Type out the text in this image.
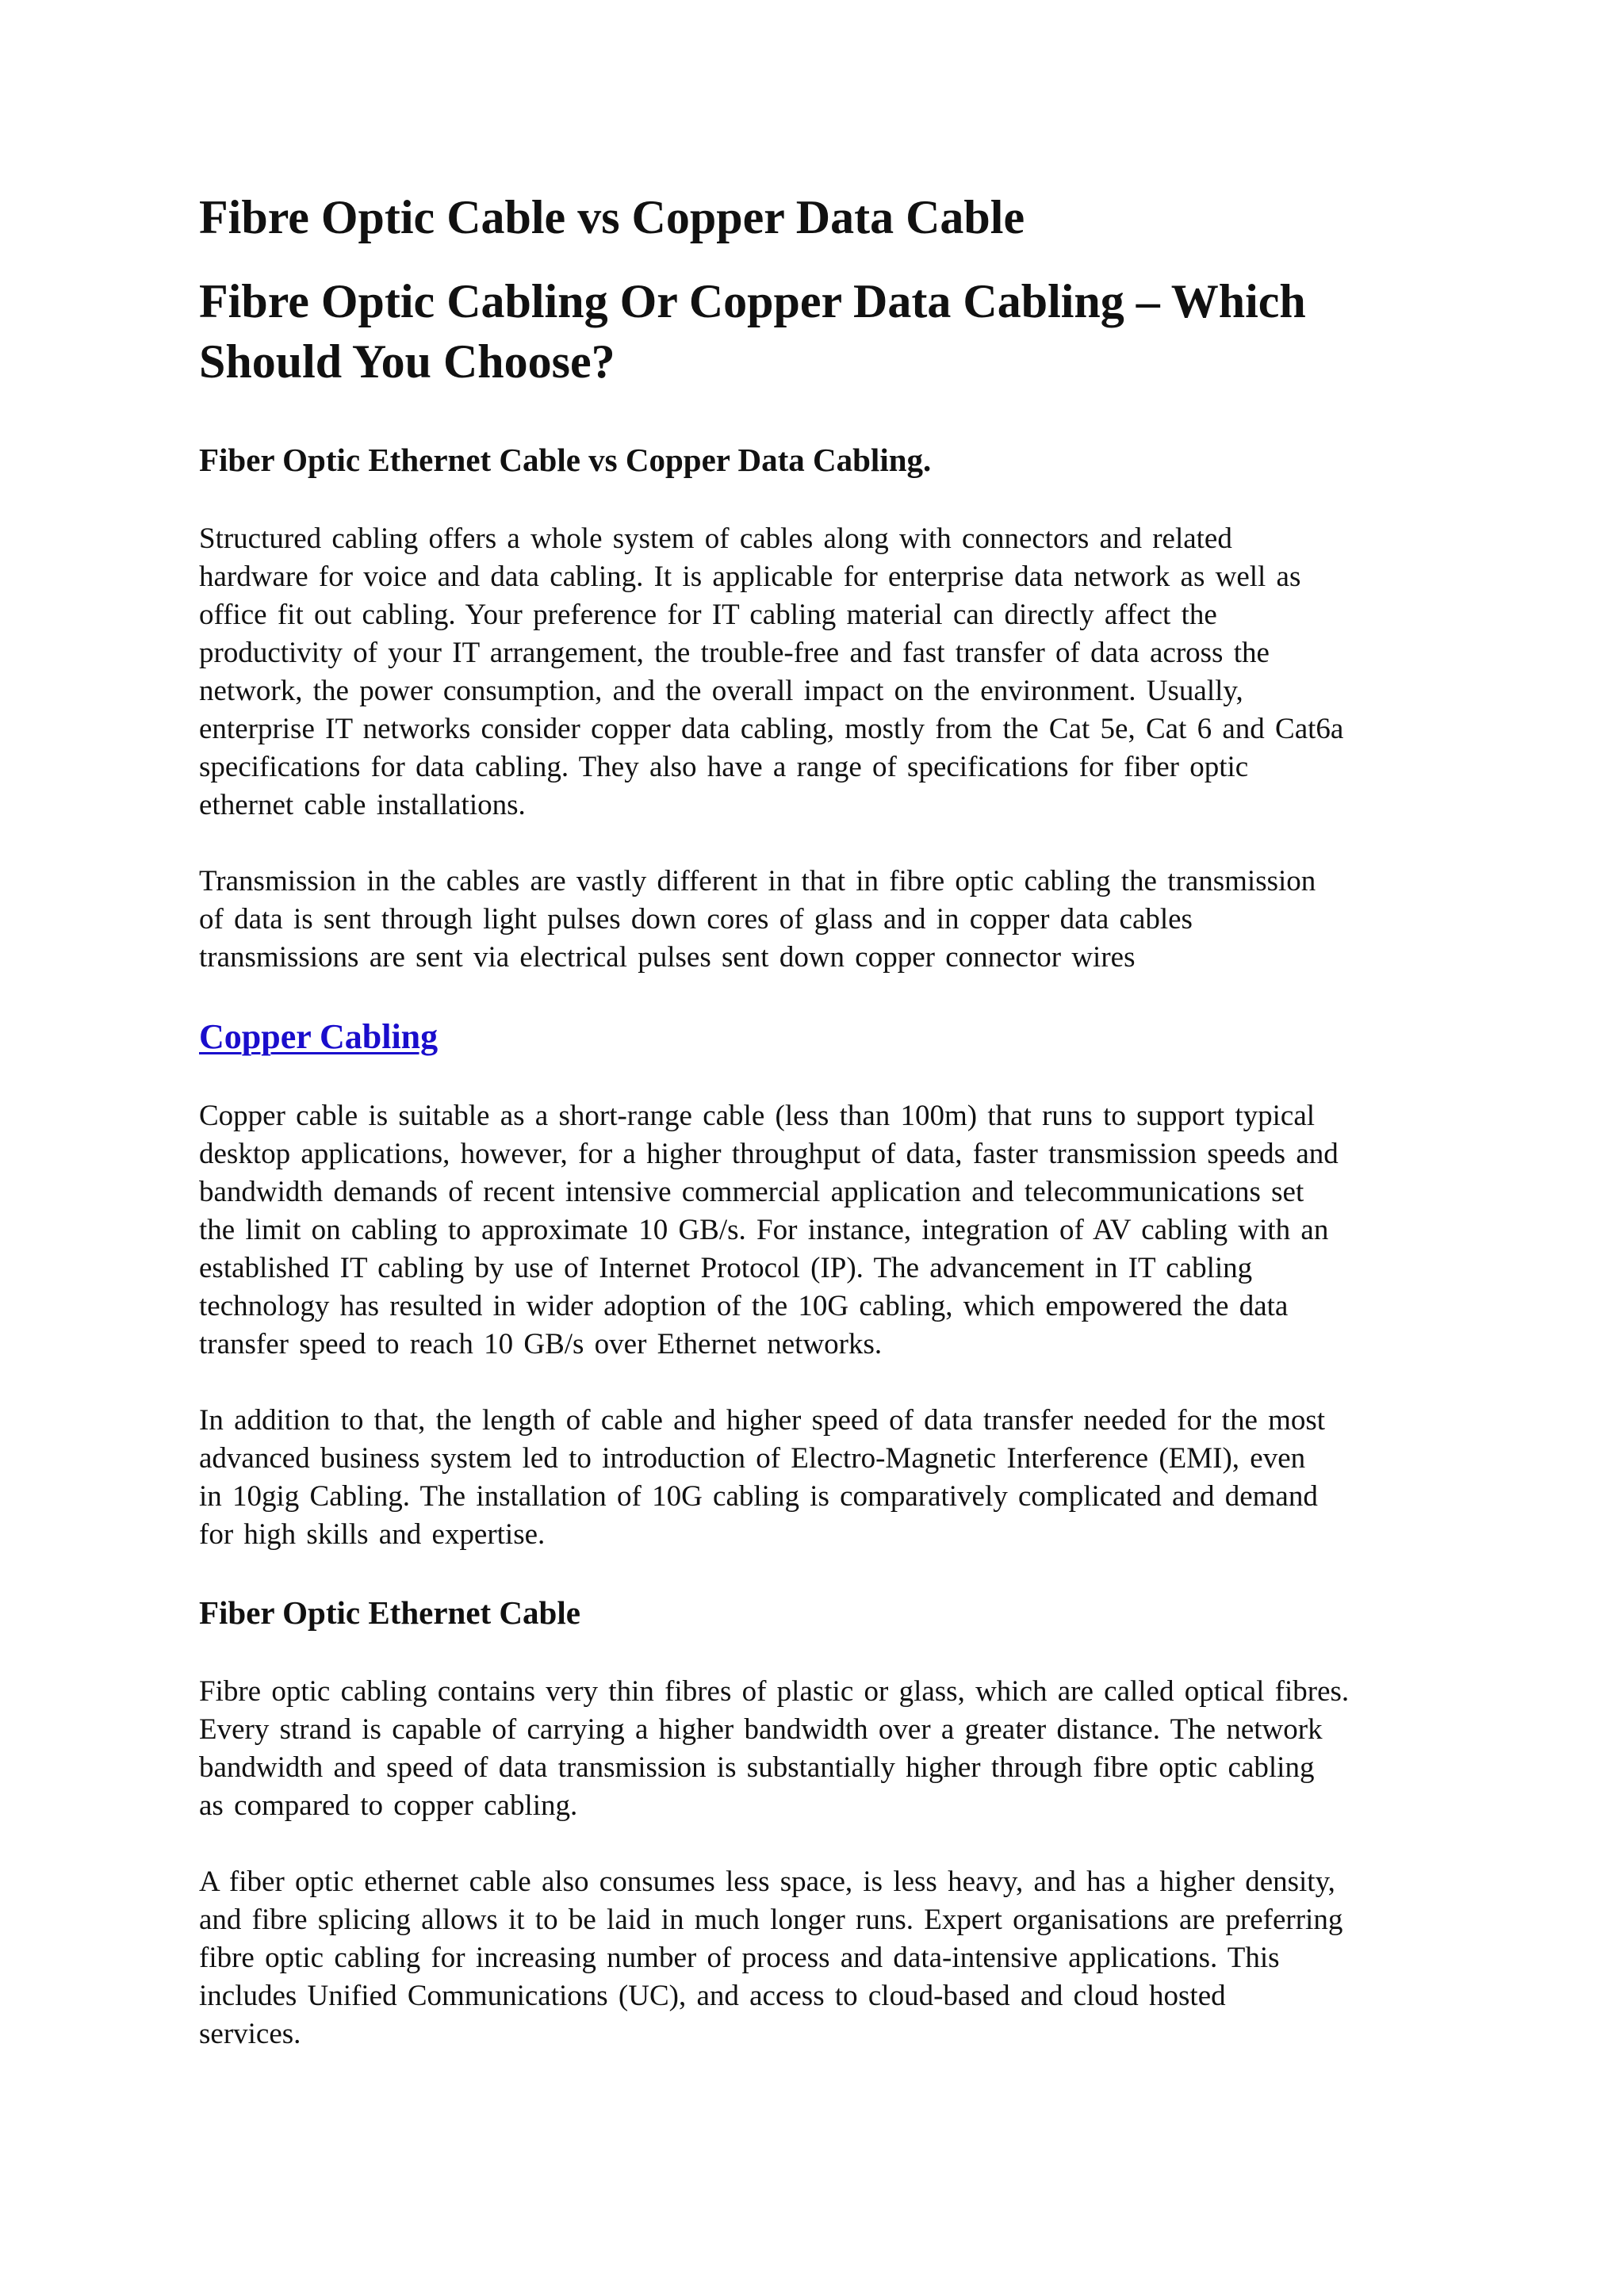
Fibre Optic Cable vs Copper Data Cable
Fibre Optic Cabling Or Copper Data Cabling – Which
Should You Choose?
Fiber Optic Ethernet Cable vs Copper Data Cabling.
Structured cabling offers a whole system of cables along with connectors and related
hardware for voice and data cabling. It is applicable for enterprise data network as well as
office fit out cabling. Your preference for IT cabling material can directly affect the
productivity of your IT arrangement, the trouble-free and fast transfer of data across the
network, the power consumption, and the overall impact on the environment. Usually,
enterprise IT networks consider copper data cabling, mostly from the Cat 5e, Cat 6 and Cat6a
specifications for data cabling. They also have a range of specifications for fiber optic
ethernet cable installations.
Transmission in the cables are vastly different in that in fibre optic cabling the transmission
of data is sent through light pulses down cores of glass and in copper data cables
transmissions are sent via electrical pulses sent down copper connector wires
Copper Cabling
Copper cable is suitable as a short-range cable (less than 100m) that runs to support typical
desktop applications, however, for a higher throughput of data, faster transmission speeds and
bandwidth demands of recent intensive commercial application and telecommunications set
the limit on cabling to approximate 10 GB/s. For instance, integration of AV cabling with an
established IT cabling by use of Internet Protocol (IP). The advancement in IT cabling
technology has resulted in wider adoption of the 10G cabling, which empowered the data
transfer speed to reach 10 GB/s over Ethernet networks.
In addition to that, the length of cable and higher speed of data transfer needed for the most
advanced business system led to introduction of Electro-Magnetic Interference (EMI), even
in 10gig Cabling. The installation of 10G cabling is comparatively complicated and demand
for high skills and expertise.
Fiber Optic Ethernet Cable
Fibre optic cabling contains very thin fibres of plastic or glass, which are called optical fibres.
Every strand is capable of carrying a higher bandwidth over a greater distance. The network
bandwidth and speed of data transmission is substantially higher through fibre optic cabling
as compared to copper cabling.
A fiber optic ethernet cable also consumes less space, is less heavy, and has a higher density,
and fibre splicing allows it to be laid in much longer runs. Expert organisations are preferring
fibre optic cabling for increasing number of process and data-intensive applications. This
includes Unified Communications (UC), and access to cloud-based and cloud hosted
services.
